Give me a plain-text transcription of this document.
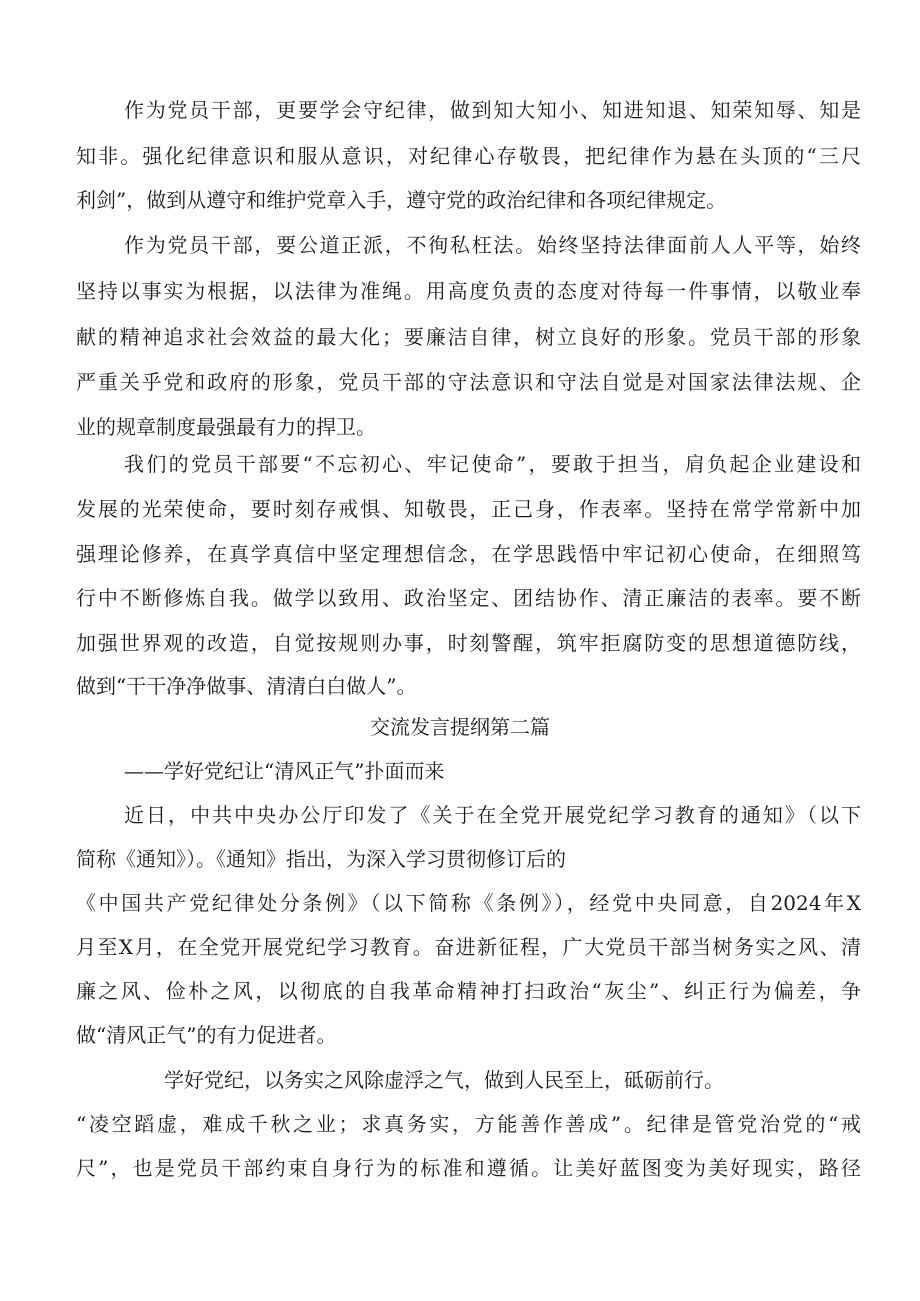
作为党员干部，更要学会守纪律，做到知大知小、知进知退、知荣知辱、知是

知非。强化纪律意识和服从意识，对纪律心存敬畏，把纪律作为悬在头顶的“三尺

利剑”，做到从遵守和维护党章入手，遵守党的政治纪律和各项纪律规定。

作为党员干部，要公道正派，不徇私枉法。始终坚持法律面前人人平等，始终

坚持以事实为根据，以法律为准绳。用高度负责的态度对待每一件事情，以敬业奉

献的精神追求社会效益的最大化；要廉洁自律，树立良好的形象。党员干部的形象

严重关乎党和政府的形象，党员干部的守法意识和守法自觉是对国家法律法规、企

业的规章制度最强最有力的捍卫。

我们的党员干部要“不忘初心、牢记使命”，要敢于担当，肩负起企业建设和

发展的光荣使命，要时刻存戒惧、知敬畏，正己身，作表率。坚持在常学常新中加

强理论修养，在真学真信中坚定理想信念，在学思践悟中牢记初心使命，在细照笃

行中不断修炼自我。做学以致用、政治坚定、团结协作、清正廉洁的表率。要不断

加强世界观的改造，自觉按规则办事，时刻警醒，筑牢拒腐防变的思想道德防线，

做到“干干净净做事、清清白白做人”。

交流发言提纲第二篇

——学好党纪让“清风正气”扑面而来

近日，中共中央办公厅印发了《关于在全党开展党纪学习教育的通知》（以下

简称《通知》）。《通知》指出，为深入学习贯彻修订后的

《中国共产党纪律处分条例》（以下简称《条例》），经党中央同意，自2024年X

月至X月，在全党开展党纪学习教育。奋进新征程，广大党员干部当树务实之风、清

廉之风、俭朴之风，以彻底的自我革命精神打扫政治“灰尘”、纠正行为偏差，争

做“清风正气”的有力促进者。

学好党纪，以务实之风除虚浮之气，做到人民至上，砥砺前行。

“凌空蹈虚，难成千秋之业；求真务实，方能善作善成”。纪律是管党治党的“戒

尺”，也是党员干部约束自身行为的标准和遵循。让美好蓝图变为美好现实，路径
